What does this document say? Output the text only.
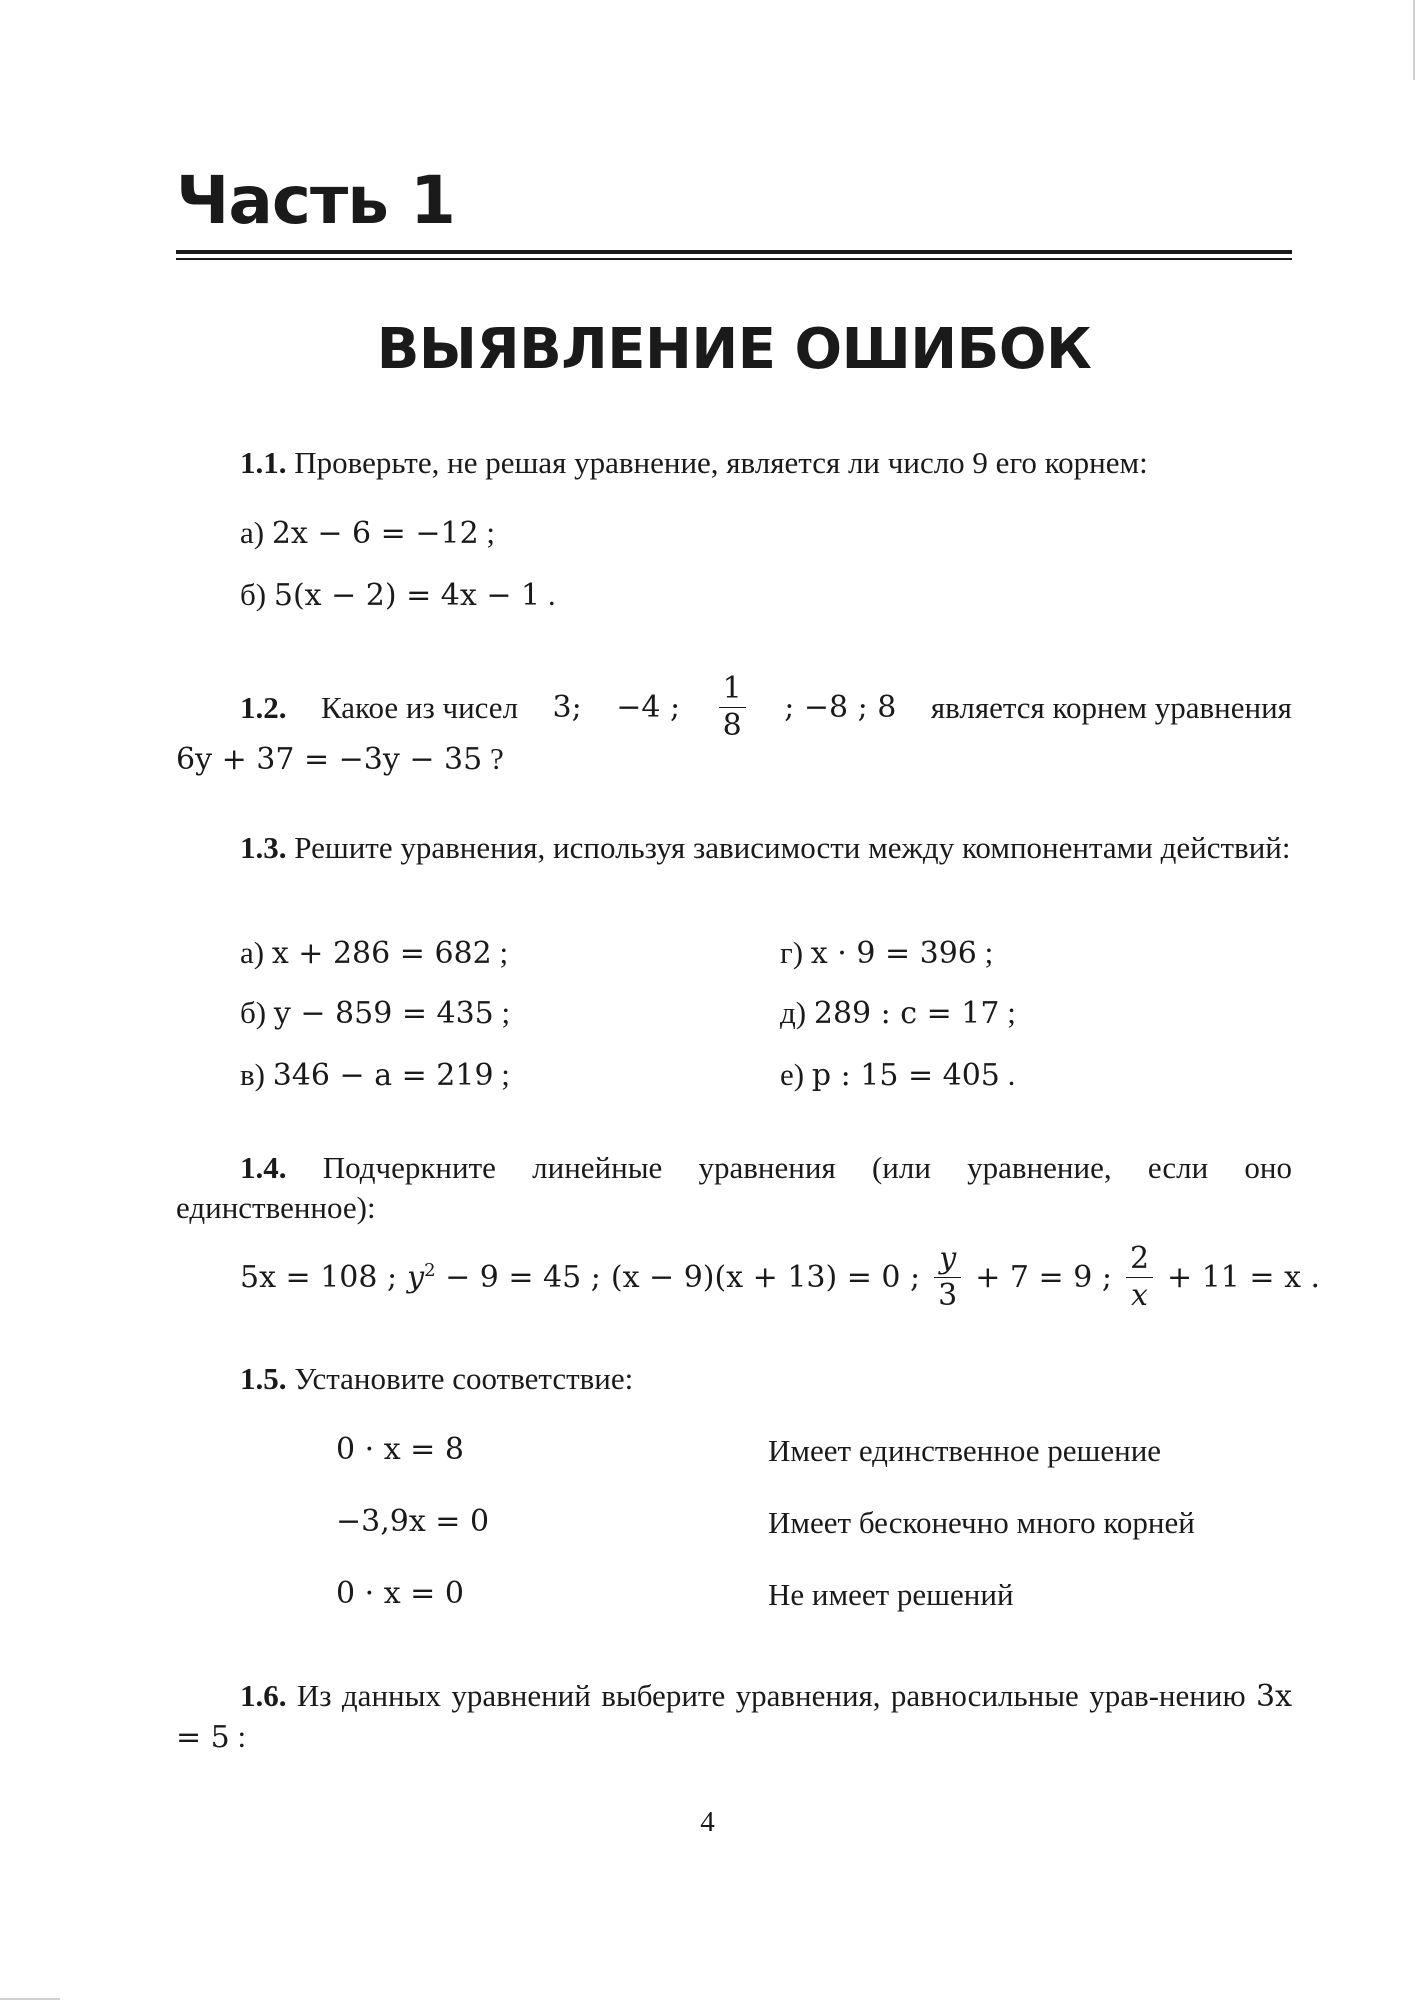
Часть 1
ВЫЯВЛЕНИЕ ОШИБОК
1.1. Проверьте, не решая уравнение, является ли число 9 его корнем:
а) 2x − 6 = −12 ;
б) 5(x − 2) = 4x − 1 .
1.2. Какое из чисел 3; −4 ; $\frac{1}{8}$ ; −8 ; 8 является корнем уравнения
6y + 37 = −3y − 35 ?
1.3. Решите уравнения, используя зависимости между компонентами действий:
а) x + 286 = 682 ;
б) y − 859 = 435 ;
в) 346 − a = 219 ;
г) x · 9 = 396 ;
д) 289 : c = 17 ;
е) p : 15 = 405 .
1.4. Подчеркните линейные уравнения (или уравнение, если оно единственное):
5x = 108 ; $y^2 - 9 = 45$ ; (x − 9)(x + 13) = 0 ; $\frac{y}{3} + 7 = 9$ ; $\frac{2}{x} + 11 = x$ .
1.5. Установите соответствие:
0 · x = 8
−3,9x = 0
0 · x = 0
Имеет единственное решение
Имеет бесконечно много корней
Не имеет решений
1.6. Из данных уравнений выберите уравнения, равносильные урав-нению 3x = 5 :
4
